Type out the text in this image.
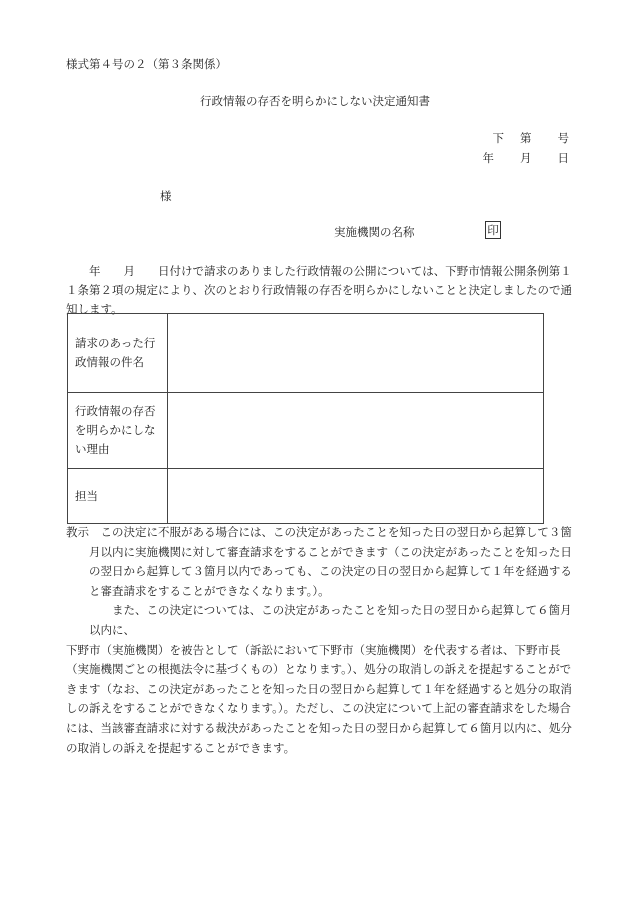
様式第４号の２（第３条関係）
行政情報の存否を明らかにしない決定通知書
下 第 号
年 月 日
様
実施機関の名称	印
年　　月　　日付けで請求のありました行政情報の公開については、下野市情報公開条例第１１条第２項の規定により、次のとおり行政情報の存否を明らかにしないことと決定しましたので通知します。
請求のあった行政情報の件名	
行政情報の存否を明らかにしない理由	
担当	

教示　この決定に不服がある場合には、この決定があったことを知った日の翌日から起算して３箇月以内に実施機関に対して審査請求をすることができます（この決定があったことを知った日の翌日から起算して３箇月以内であっても、この決定の日の翌日から起算して１年を経過すると審査請求をすることができなくなります。）。

また、この決定については、この決定があったことを知った日の翌日から起算して６箇月以内に、

下野市（実施機関）を被告として（訴訟において下野市（実施機関）を代表する者は、下野市長（実施機関ごとの根拠法令に基づくもの）となります。）、処分の取消しの訴えを提起することができます（なお、この決定があったことを知った日の翌日から起算して１年を経過すると処分の取消しの訴えをすることができなくなります。）。ただし、この決定について上記の審査請求をした場合には、当該審査請求に対する裁決があったことを知った日の翌日から起算して６箇月以内に、処分の取消しの訴えを提起することができます。
